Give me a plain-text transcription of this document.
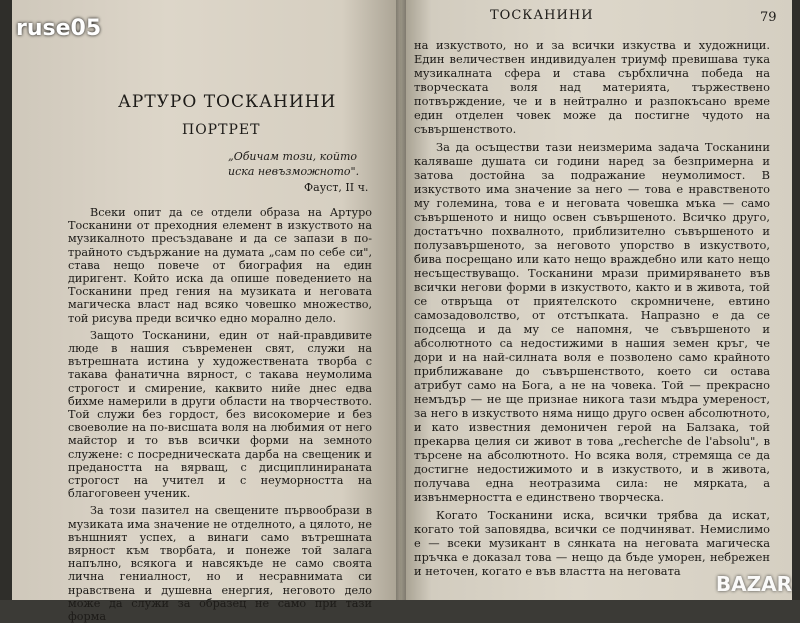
ruse05
АРТУРО ТОСКАНИНИ
ПОРТРЕТ
„Обичам този, който иска невъзможното".
Фауст, II ч.

Всеки опит да се отдели образа на Артуро Тосканини от преходния елемент в изкуството на музикалното пресъздаване и да се запази в по-трайното съдържание на думата „сам по себе си", става нещо повече от биография на един диригент. Който иска да опише поведението на Тосканини пред гения на музиката и неговата магическа власт над всяко човешко множество, той рисува преди всичко едно морално дело.

Защото Тосканини, един от най-правдивите люде в нашия съвременен свят, служи на вътрешната истина у художествената творба с такава фанатична вярност, с такава неумолима строгост и смирение, каквито нийе днес едва бихме намерили в други области на творчеството. Той служи без гордост, без високомерие и без своеволие на по-висшата воля на любимия от него майстор и то във всички форми на земното служене: с посредническата дарба на свещеник и предаността на вярващ, с дисциплинираната строгост на учител и с неуморността на благоговеен ученик.

За този пазител на свещените първообрази в музиката има значение не отделното, а цялото, не външният успех, а винаги само вътрешната вярност към творбата, и понеже той залага напълно, всякога и навсякъде не само своята лична гениалност, но и несравнимата си нравствена и душевна енергия, неговото дело може да служи за образец не само при тази форма

ТОСКАНИНИ	79

на изкуството, но и за всички изкуства и художници. Един величествен индивидуален триумф превишава тука музикалната сфера и става сърбхлична победа на творческата воля над материята, тържествено потвърждение, че и в нейтрално и разпокъсано време един отделен човек може да постигне чудото на съвършенството.

За да осъществи тази неизмерима задача Тосканини каляваше душата си години наред за безпримерна и затова достойна за подражание неумолимост. В изкуството има значение за него — това е нравственото му големина, това е и неговата човешка мъка — само съвършеното и нищо освен съвършеното. Всичко друго, достатъчно похвалното, приблизително съвършеното и полузавършеното, за неговото упорство в изкуството, бива посрещано или като нещо враждебно или като нещо несъществуващо. Тосканини мрази примиряването във всички негови форми в изкуството, както и в живота, той се отвръща от приятелското скромничене, евтино самозадоволство, от отстъпката. Напразно е да се подсеща и да му се напомня, че съвършеното и абсолютното са недостижими в нашия земен кръг, че дори и на най-силната воля е позволено само крайното приближаване до съвършенството, което си остава атрибут само на Бога, а не на човека. Той — прекрасно немъдър — не ще признае никога тази мъдра умереност, за него в изкуството няма нищо друго освен абсолютното, и като известния демоничен герой на Балзака, той прекарва целия си живот в това „recherche de l'absolu", в търсене на абсолютното. Но всяка воля, стремяща се да достигне недостижимото и в изкуството, и в живота, получава една неотразима сила: не мярката, а извънмерността е единствено творческа.

Когато Тосканини иска, всички трябва да искат, когато той заповядва, всички се подчиняват. Немислимо е — всеки музикант в сянката на неговата магическа пръчка е доказал това — нещо да бъде уморен, небрежен и неточен, когато е във властта на неговата

BAZAR
